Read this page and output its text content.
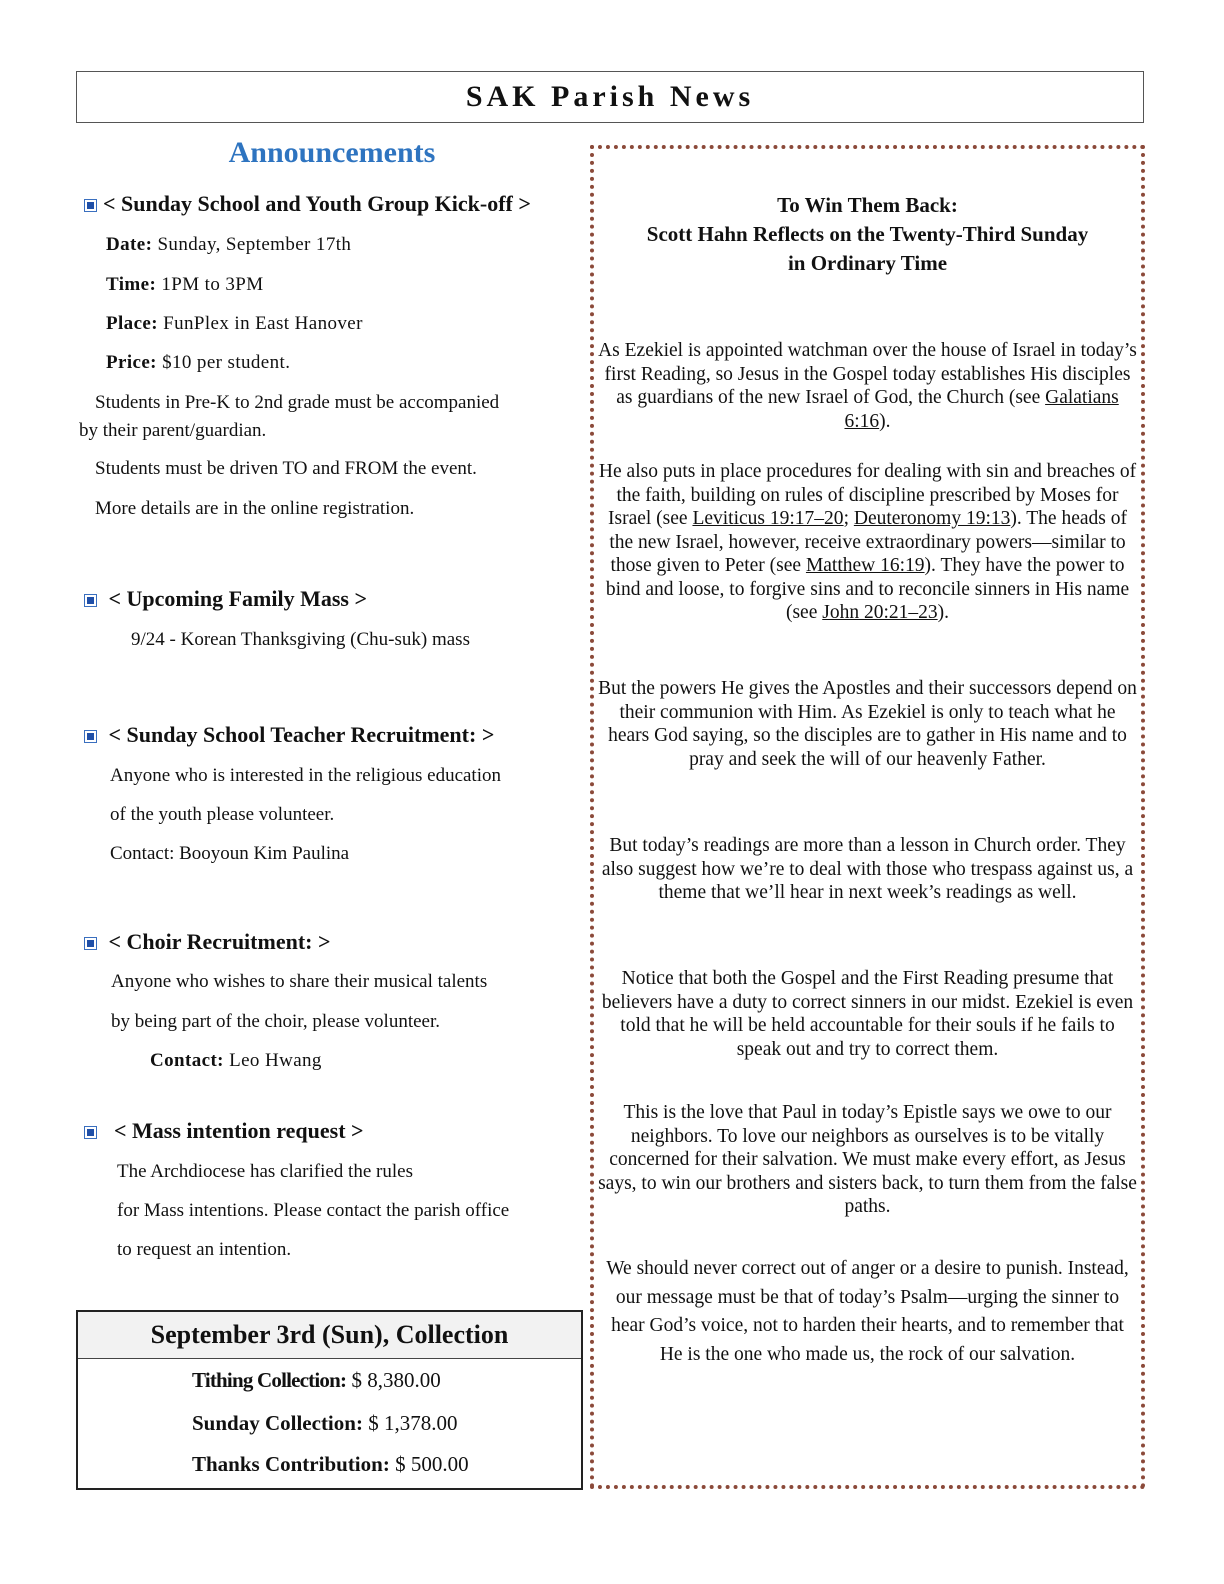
SAK Parish News
Announcements
< Sunday School and Youth Group Kick-off >
Date: Sunday, September 17th
Time: 1PM to 3PM
Place: FunPlex in East Hanover
Price: $10 per student.
Students in Pre-K to 2nd grade must be accompanied
by their parent/guardian.
Students must be driven TO and FROM the event.
More details are in the online registration.
< Upcoming Family Mass >
9/24 - Korean Thanksgiving (Chu-suk) mass
< Sunday School Teacher Recruitment: >
Anyone who is interested in the religious education
of the youth please volunteer.
Contact: Booyoun Kim Paulina
< Choir Recruitment: >
Anyone who wishes to share their musical talents
by being part of the choir, please volunteer.
Contact: Leo Hwang
< Mass intention request >
The Archdiocese has clarified the rules
for Mass intentions. Please contact the parish office
to request an intention.
September 3rd (Sun), Collection
Tithing Collection: $ 8,380.00
Sunday Collection: $ 1,378.00
Thanks Contribution: $ 500.00
To Win Them Back:
Scott Hahn Reflects on the Twenty-Third Sunday
in Ordinary Time
As Ezekiel is appointed watchman over the house of Israel in today’s first Reading, so Jesus in the Gospel today establishes His disciples as guardians of the new Israel of God, the Church (see Galatians 6:16).
He also puts in place procedures for dealing with sin and breaches of the faith, building on rules of discipline prescribed by Moses for Israel (see Leviticus 19:17–20; Deuteronomy 19:13). The heads of the new Israel, however, receive extraordinary powers—similar to those given to Peter (see Matthew 16:19). They have the power to bind and loose, to forgive sins and to reconcile sinners in His name (see John 20:21–23).
But the powers He gives the Apostles and their successors depend on their communion with Him. As Ezekiel is only to teach what he hears God saying, so the disciples are to gather in His name and to pray and seek the will of our heavenly Father.
But today’s readings are more than a lesson in Church order. They also suggest how we’re to deal with those who trespass against us, a theme that we’ll hear in next week’s readings as well.
Notice that both the Gospel and the First Reading presume that believers have a duty to correct sinners in our midst. Ezekiel is even told that he will be held accountable for their souls if he fails to speak out and try to correct them.
This is the love that Paul in today’s Epistle says we owe to our neighbors. To love our neighbors as ourselves is to be vitally concerned for their salvation. We must make every effort, as Jesus says, to win our brothers and sisters back, to turn them from the false paths.
We should never correct out of anger or a desire to punish. Instead, our message must be that of today’s Psalm—urging the sinner to hear God’s voice, not to harden their hearts, and to remember that He is the one who made us, the rock of our salvation.
